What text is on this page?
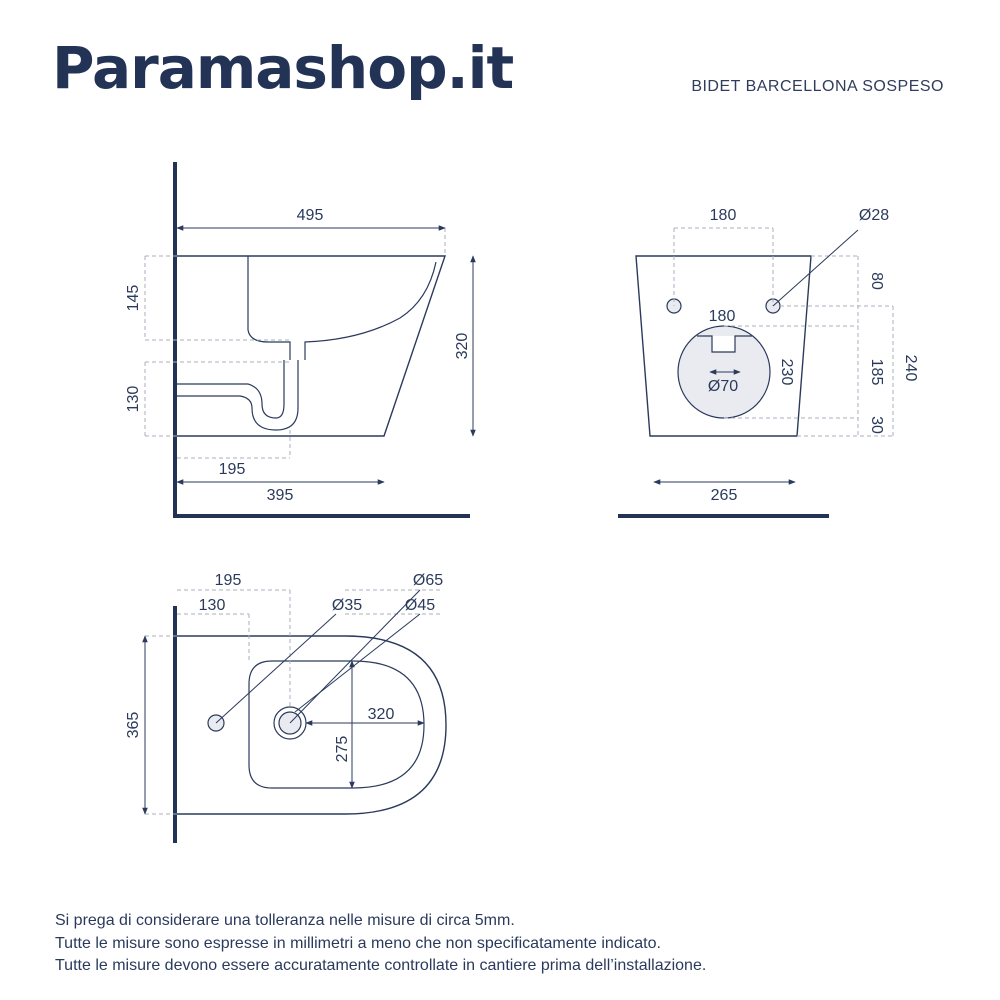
Paramashop.it	BIDET BARCELLONA SOSPESO
495
320
145
130
195
395
180	Ø28
80
180
230
Ø70
185 240
30
265
195
130	Ø35
Ø65
Ø45
365	320
275
Si prega di considerare una tolleranza nelle misure di circa 5mm.
Tutte le misure sono espresse in millimetri a meno che non specificatamente indicato.
Tutte le misure devono essere accuratamente controllate in cantiere prima dell’installazione.
